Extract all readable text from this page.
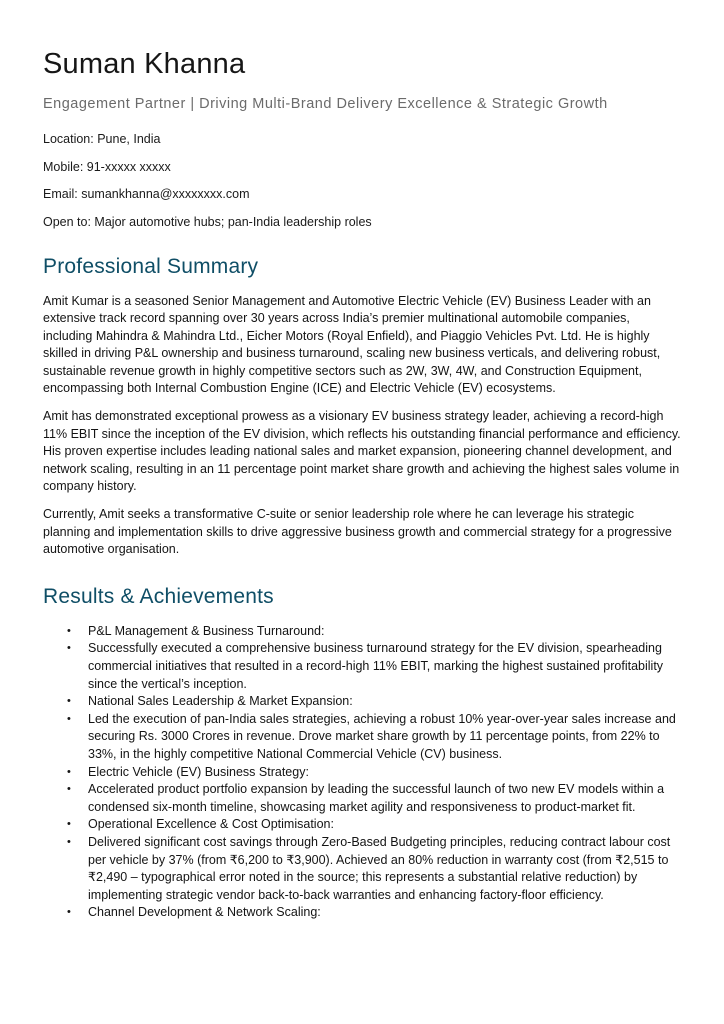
Suman Khanna

Engagement Partner | Driving Multi-Brand Delivery Excellence & Strategic Growth

Location: Pune, India

Mobile: 91-xxxxx xxxxx

Email: sumankhanna@xxxxxxxx.com

Open to: Major automotive hubs; pan-India leadership roles

Professional Summary

Amit Kumar is a seasoned Senior Management and Automotive Electric Vehicle (EV) Business Leader with an extensive track record spanning over 30 years across India’s premier multinational automobile companies, including Mahindra & Mahindra Ltd., Eicher Motors (Royal Enfield), and Piaggio Vehicles Pvt. Ltd. He is highly skilled in driving P&L ownership and business turnaround, scaling new business verticals, and delivering robust, sustainable revenue growth in highly competitive sectors such as 2W, 3W, 4W, and Construction Equipment, encompassing both Internal Combustion Engine (ICE) and Electric Vehicle (EV) ecosystems.

Amit has demonstrated exceptional prowess as a visionary EV business strategy leader, achieving a record-high 11% EBIT since the inception of the EV division, which reflects his outstanding financial performance and efficiency. His proven expertise includes leading national sales and market expansion, pioneering channel development, and network scaling, resulting in an 11 percentage point market share growth and achieving the highest sales volume in company history.

Currently, Amit seeks a transformative C-suite or senior leadership role where he can leverage his strategic planning and implementation skills to drive aggressive business growth and commercial strategy for a progressive automotive organisation.

Results & Achievements
•	P&L Management & Business Turnaround:
•	Successfully executed a comprehensive business turnaround strategy for the EV division, spearheading commercial initiatives that resulted in a record-high 11% EBIT, marking the highest sustained profitability since the vertical’s inception.
•	National Sales Leadership & Market Expansion:
•	Led the execution of pan-India sales strategies, achieving a robust 10% year-over-year sales increase and securing Rs. 3000 Crores in revenue. Drove market share growth by 11 percentage points, from 22% to 33%, in the highly competitive National Commercial Vehicle (CV) business.
•	Electric Vehicle (EV) Business Strategy:
•	Accelerated product portfolio expansion by leading the successful launch of two new EV models within a condensed six-month timeline, showcasing market agility and responsiveness to product-market fit.
•	Operational Excellence & Cost Optimisation:
•	Delivered significant cost savings through Zero-Based Budgeting principles, reducing contract labour cost per vehicle by 37% (from ₹6,200 to ₹3,900). Achieved an 80% reduction in warranty cost (from ₹2,515 to ₹2,490 – typographical error noted in the source; this represents a substantial relative reduction) by implementing strategic vendor back-to-back warranties and enhancing factory-floor efficiency.
•	Channel Development & Network Scaling:
